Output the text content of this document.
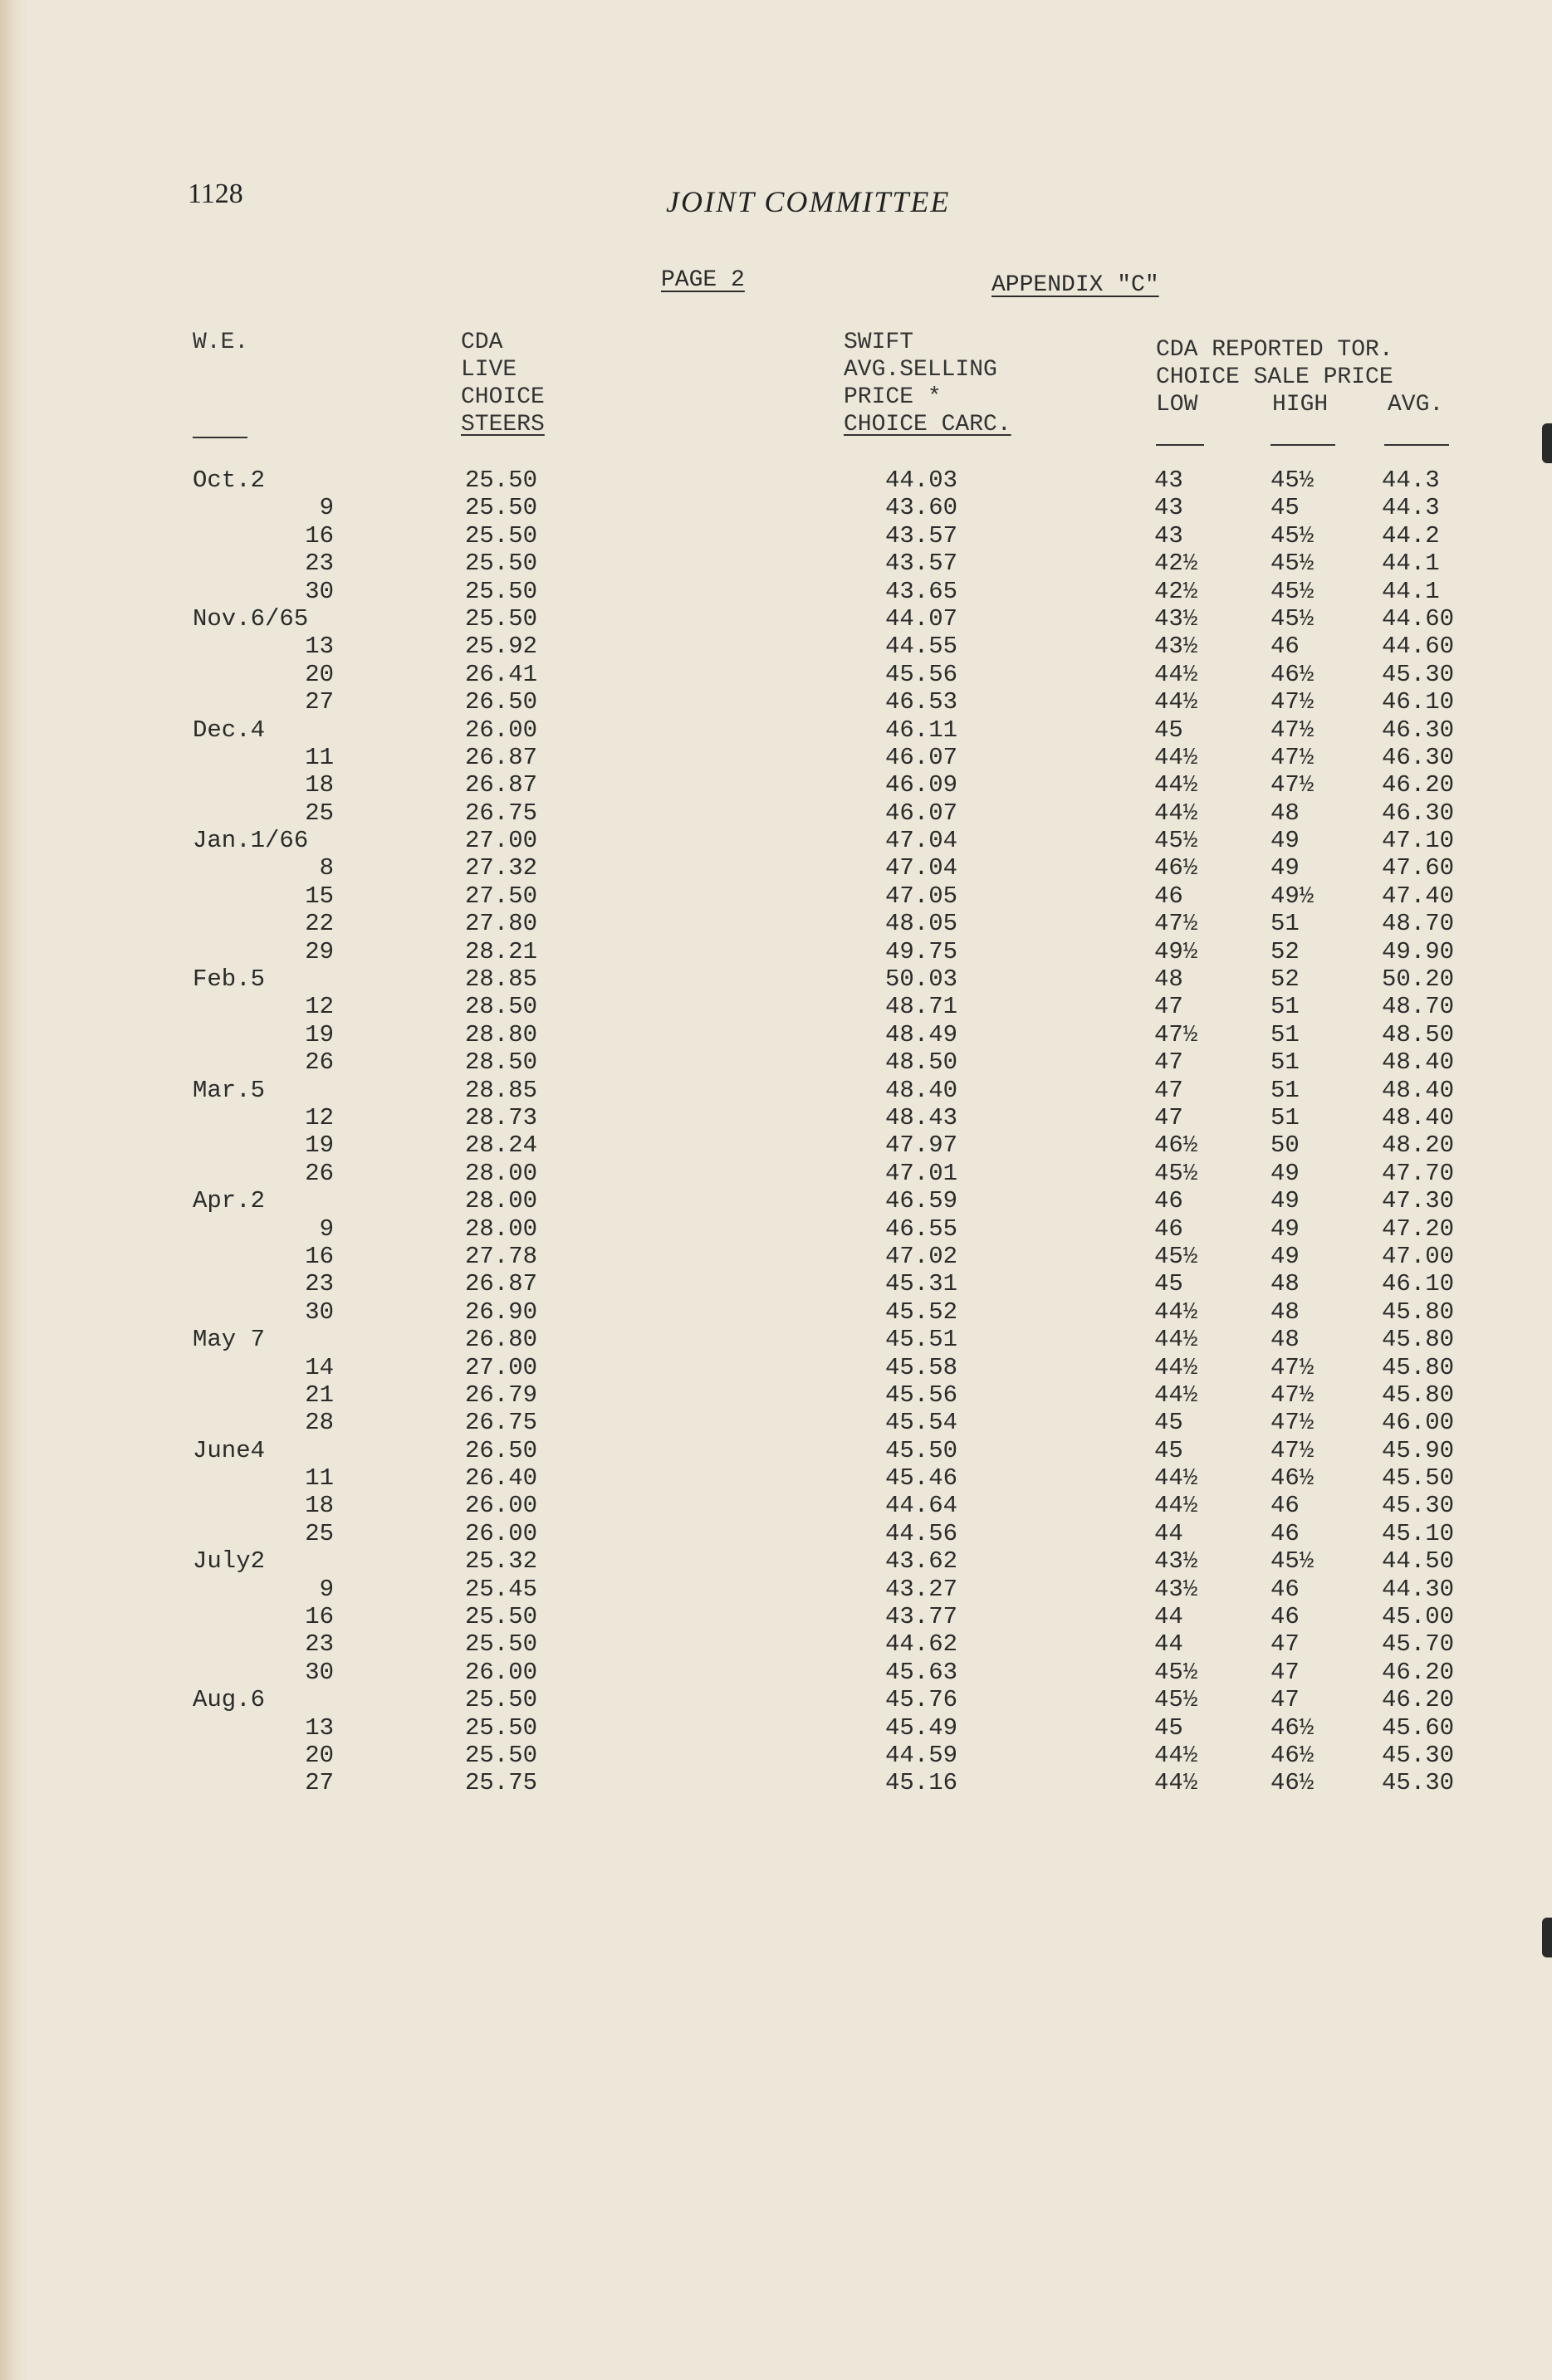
1128	JOINT COMMITTEE
PAGE 2	APPENDIX "C"
W.E.	CDA
LIVE
CHOICE
STEERS
SWIFT
AVG.SELLING
PRICE *
CHOICE CARC.
CDA REPORTED TOR.
CHOICE SALE PRICE
LOW	HIGH	AVG.
Oct.2	25.50	44.03	43	45½	44.3
9	25.50	43.60	43	45	44.3
16	25.50	43.57	43	45½	44.2
23	25.50	43.57	42½	45½	44.1
30	25.50	43.65	42½	45½	44.1
Nov.6/65	25.50	44.07	43½	45½	44.60
13	25.92	44.55	43½	46	44.60
20	26.41	45.56	44½	46½	45.30
27	26.50	46.53	44½	47½	46.10
Dec.4	26.00	46.11	45	47½	46.30
11	26.87	46.07	44½	47½	46.30
18	26.87	46.09	44½	47½	46.20
25	26.75	46.07	44½	48	46.30
Jan.1/66	27.00	47.04	45½	49	47.10
8	27.32	47.04	46½	49	47.60
15	27.50	47.05	46	49½	47.40
22	27.80	48.05	47½	51	48.70
29	28.21	49.75	49½	52	49.90
Feb.5	28.85	50.03	48	52	50.20
12	28.50	48.71	47	51	48.70
19	28.80	48.49	47½	51	48.50
26	28.50	48.50	47	51	48.40
Mar.5	28.85	48.40	47	51	48.40
12	28.73	48.43	47	51	48.40
19	28.24	47.97	46½	50	48.20
26	28.00	47.01	45½	49	47.70
Apr.2	28.00	46.59	46	49	47.30
9	28.00	46.55	46	49	47.20
16	27.78	47.02	45½	49	47.00
23	26.87	45.31	45	48	46.10
30	26.90	45.52	44½	48	45.80
May 7	26.80	45.51	44½	48	45.80
14	27.00	45.58	44½	47½	45.80
21	26.79	45.56	44½	47½	45.80
28	26.75	45.54	45	47½	46.00
June4	26.50	45.50	45	47½	45.90
11	26.40	45.46	44½	46½	45.50
18	26.00	44.64	44½	46	45.30
25	26.00	44.56	44	46	45.10
July2	25.32	43.62	43½	45½	44.50
9	25.45	43.27	43½	46	44.30
16	25.50	43.77	44	46	45.00
23	25.50	44.62	44	47	45.70
30	26.00	45.63	45½	47	46.20
Aug.6	25.50	45.76	45½	47	46.20
13	25.50	45.49	45	46½	45.60
20	25.50	44.59	44½	46½	45.30
27	25.75	45.16	44½	46½	45.30
